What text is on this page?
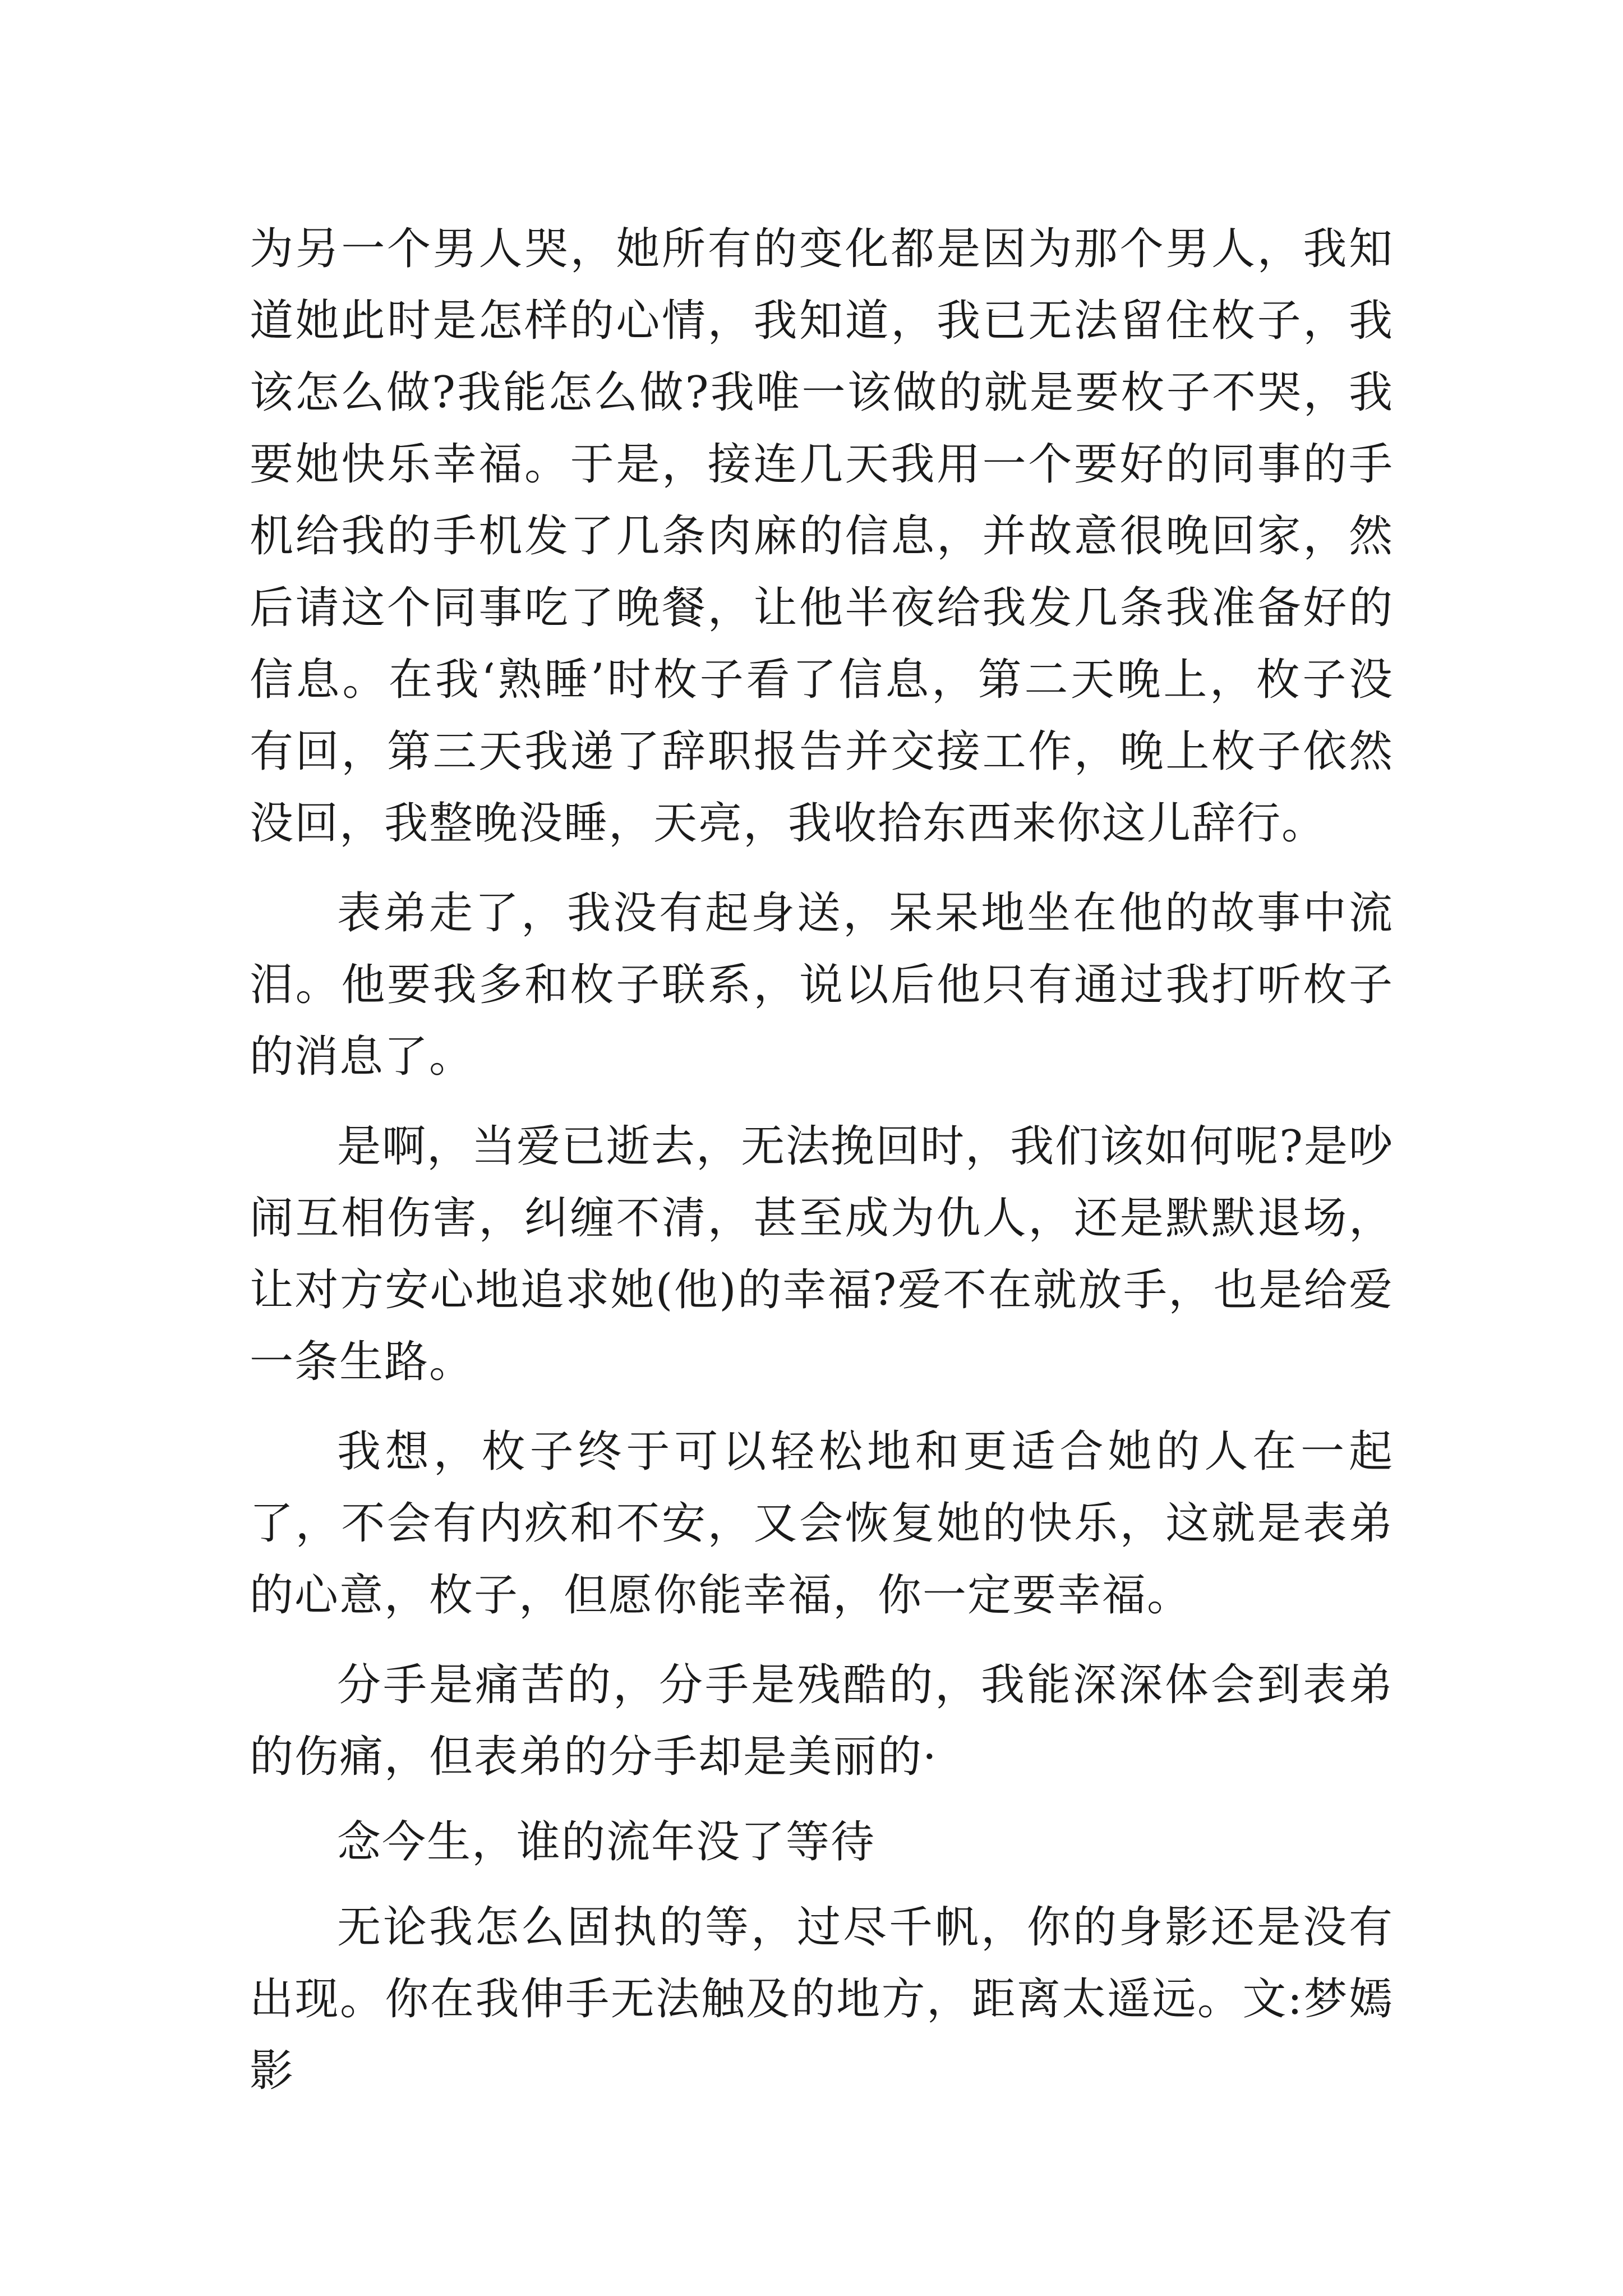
为另一个男人哭，她所有的变化都是因为那个男人，我知道她此时是怎样的心情，我知道，我已无法留住枚子，我该怎么做?我能怎么做?我唯一该做的就是要枚子不哭，我要她快乐幸福。于是，接连几天我用一个要好的同事的手机给我的手机发了几条肉麻的信息，并故意很晚回家，然后请这个同事吃了晚餐，让他半夜给我发几条我准备好的信息。在我‘熟睡’时枚子看了信息，第二天晚上，枚子没有回，第三天我递了辞职报告并交接工作，晚上枚子依然没回，我整晚没睡，天亮，我收拾东西来你这儿辞行。

表弟走了，我没有起身送，呆呆地坐在他的故事中流泪。他要我多和枚子联系，说以后他只有通过我打听枚子的消息了。

是啊，当爱已逝去，无法挽回时，我们该如何呢?是吵闹互相伤害，纠缠不清，甚至成为仇人，还是默默退场，让对方安心地追求她(他)的幸福?爱不在就放手，也是给爱一条生路。

我想，枚子终于可以轻松地和更适合她的人在一起了，不会有内疚和不安，又会恢复她的快乐，这就是表弟的心意，枚子，但愿你能幸福，你一定要幸福。

分手是痛苦的，分手是残酷的，我能深深体会到表弟的伤痛，但表弟的分手却是美丽的·

念今生，谁的流年没了等待

无论我怎么固执的等，过尽千帆，你的身影还是没有出现。你在我伸手无法触及的地方，距离太遥远。文:梦嫣影
